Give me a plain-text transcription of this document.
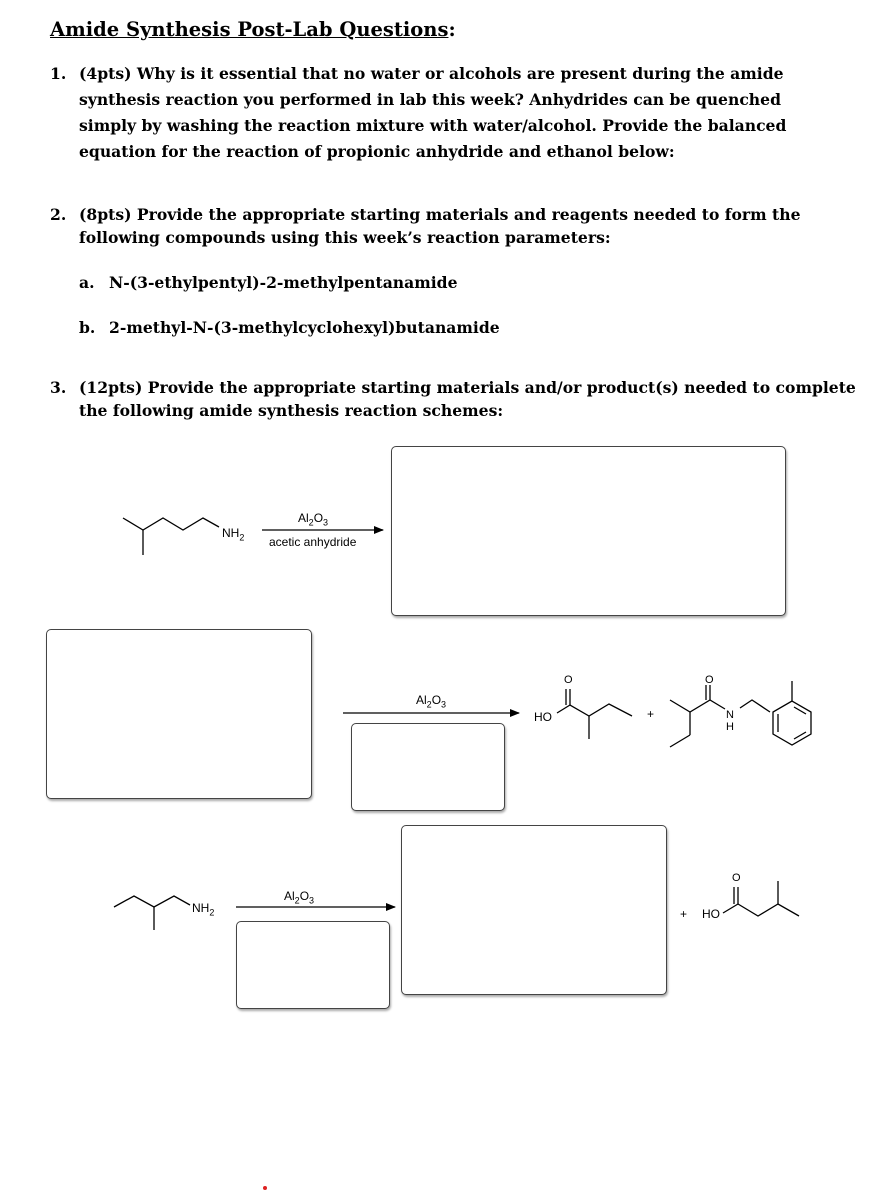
Amide Synthesis Post-Lab Questions:
1. (4pts) Why is it essential that no water or alcohols are present during the amide
synthesis reaction you performed in lab this week? Anhydrides can be quenched
simply by washing the reaction mixture with water/alcohol. Provide the balanced
equation for the reaction of propionic anhydride and ethanol below:
2. (8pts) Provide the appropriate starting materials and reagents needed to form the
following compounds using this week’s reaction parameters:
a. N-(3-ethylpentyl)-2-methylpentanamide
b. 2-methyl-N-(3-methylcyclohexyl)butanamide
3. (12pts) Provide the appropriate starting materials and/or product(s) needed to complete
the following amide synthesis reaction schemes:
$NH_2$
$Al_2O_3$
acetic anhydride
$Al_2O_3$
HO
O
+
O
N
H
$NH_2$
$Al_2O_3$
+ HO
O
